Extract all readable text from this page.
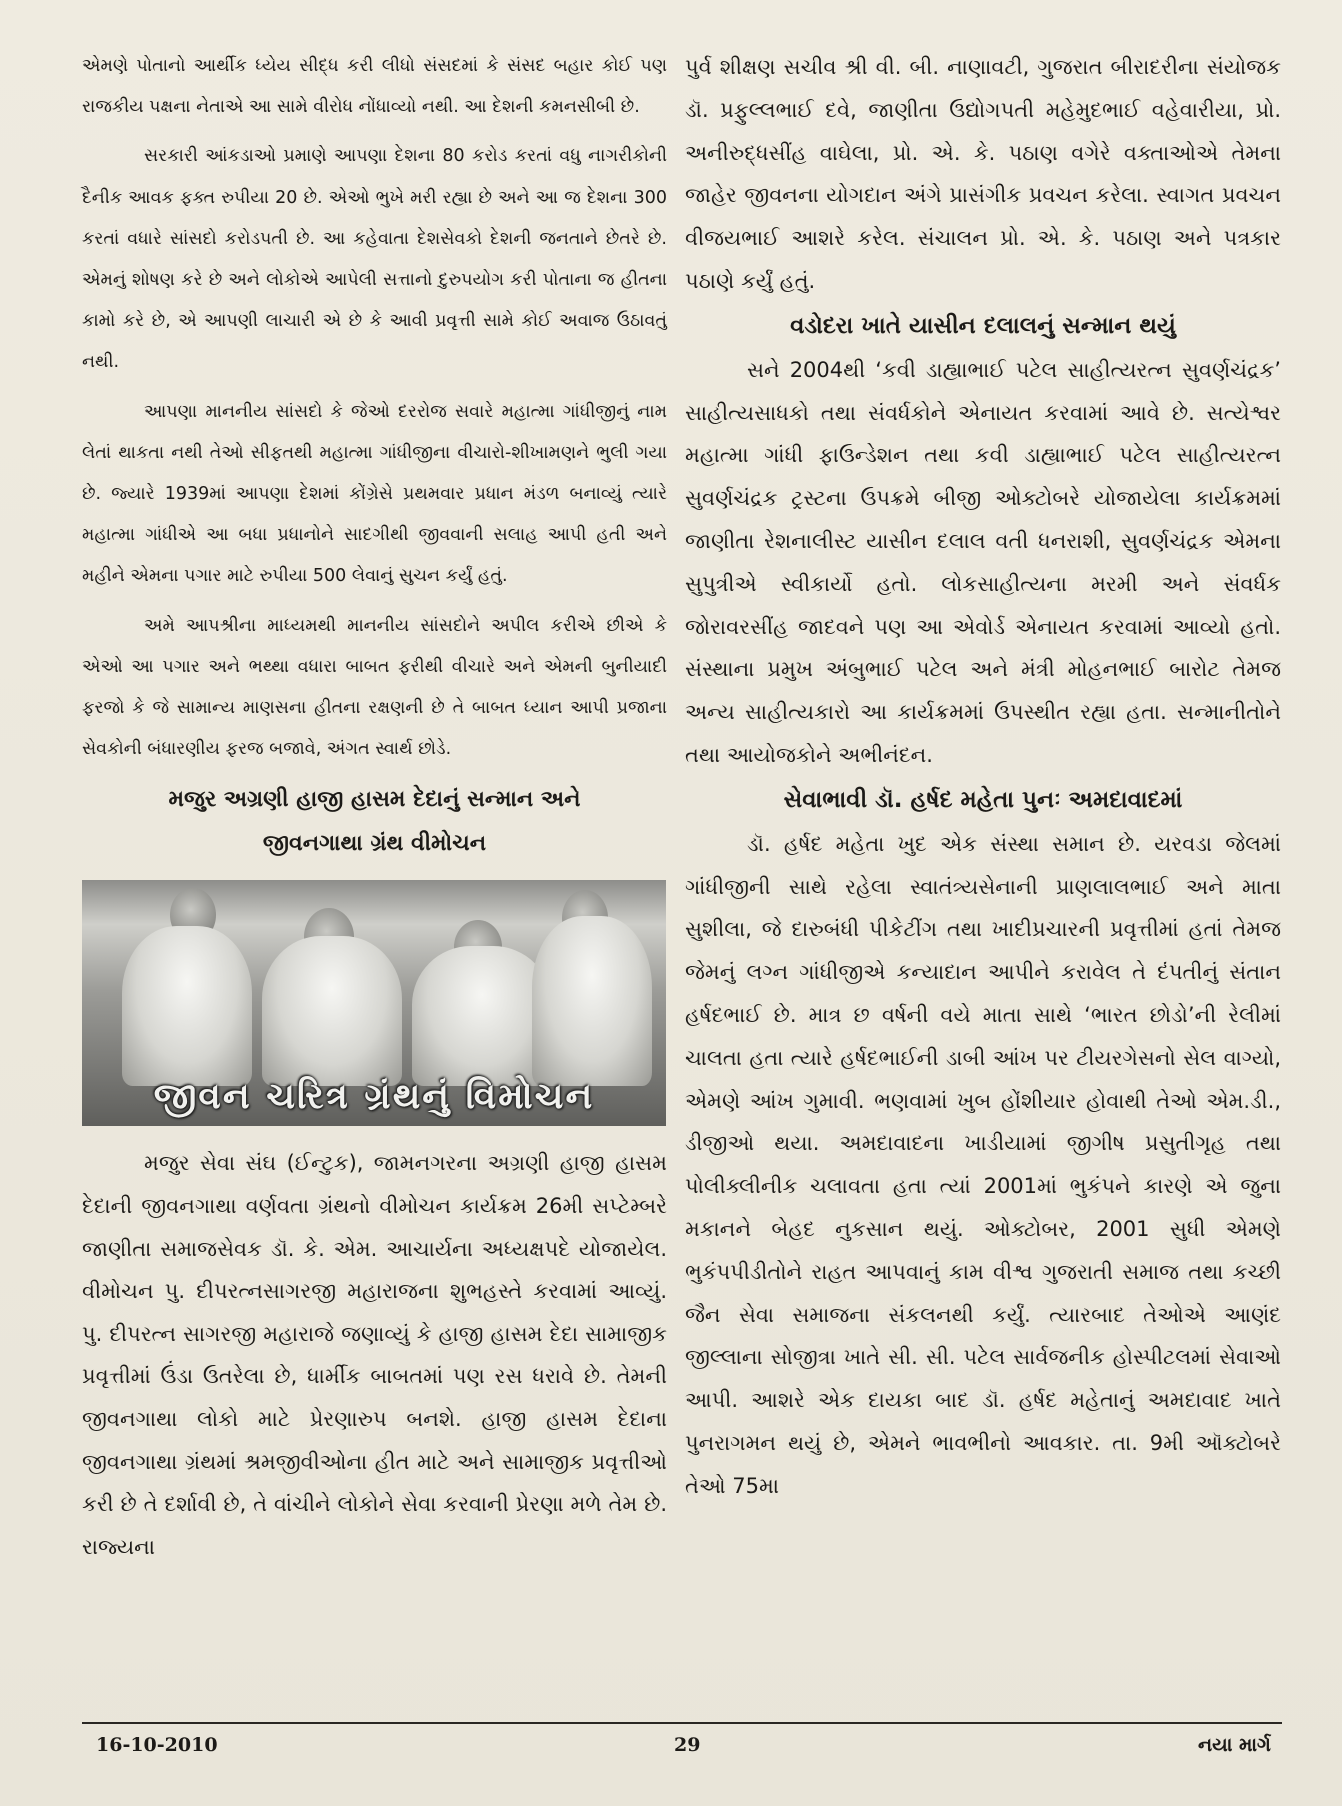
એમણે પોતાનો આર્થીક ધ્યેય સીદ્ધ કરી લીધો સંસદમાં કે સંસદ બહાર કોઈ પણ રાજકીય પક્ષના નેતાએ આ સામે વીરોધ નોંધાવ્યો નથી. આ દેશની કમનસીબી છે.

સરકારી આંકડાઓ પ્રમાણે આપણા દેશના 80 કરોડ કરતાં વધુ નાગરીકોની દૈનીક આવક ફક્ત રુપીયા 20 છે. એઓ ભુખે મરી રહ્યા છે અને આ જ દેશના 300 કરતાં વધારે સાંસદો કરોડપતી છે. આ કહેવાતા દેશસેવકો દેશની જનતાને છેતરે છે. એમનું શોષણ કરે છે અને લોકોએ આપેલી સત્તાનો દુરુપયોગ કરી પોતાના જ હીતના કામો કરે છે, એ આપણી લાચારી એ છે કે આવી પ્રવૃત્તી સામે કોઈ અવાજ ઉઠાવતું નથી.

આપણા માનનીય સાંસદો કે જેઓ દરરોજ સવારે મહાત્મા ગાંધીજીનું નામ લેતાં થાકતા નથી તેઓ સીફતથી મહાત્મા ગાંધીજીના વીચારો-શીખામણને ભુલી ગયા છે. જ્યારે 1939માં આપણા દેશમાં કોંગ્રેસે પ્રથમવાર પ્રધાન મંડળ બનાવ્યું ત્યારે મહાત્મા ગાંધીએ આ બધા પ્રધાનોને સાદગીથી જીવવાની સલાહ આપી હતી અને મહીને એમના પગાર માટે રુપીયા 500 લેવાનું સુચન કર્યું હતું.

અમે આપશ્રીના માધ્યમથી માનનીય સાંસદોને અપીલ કરીએ છીએ કે એઓ આ પગાર અને ભથ્થા વધારા બાબત ફરીથી વીચારે અને એમની બુનીયાદી ફરજો કે જે સામાન્ય માણસના હીતના રક્ષણની છે તે બાબત ધ્યાન આપી પ્રજાના સેવકોની બંધારણીય ફરજ બજાવે, અંગત સ્વાર્થ છોડે.

મજુર અગ્રણી હાજી હાસમ દેદાનું સન્માન અને

જીવનગાથા ગ્રંથ વીમોચન

જીવન ચરિત્ર ગ્રંથનું વિમોચન

મજુર સેવા સંઘ (ઈન્ટુક), જામનગરના અગ્રણી હાજી હાસમ દેદાની જીવનગાથા વર્ણવતા ગ્રંથનો વીમોચન કાર્યક્રમ 26મી સપ્ટેમ્બરે જાણીતા સમાજસેવક ડૉ. કે. એમ. આચાર્યના અધ્યક્ષપદે યોજાયેલ. વીમોચન પુ. દીપરત્નસાગરજી મહારાજના શુભહસ્તે કરવામાં આવ્યું. પુ. દીપરત્ન સાગરજી મહારાજે જણાવ્યું કે હાજી હાસમ દેદા સામાજીક પ્રવૃત્તીમાં ઉંડા ઉતરેલા છે, ધાર્મીક બાબતમાં પણ રસ ધરાવે છે. તેમની જીવનગાથા લોકો માટે પ્રેરણારુપ બનશે. હાજી હાસમ દેદાના જીવનગાથા ગ્રંથમાં શ્રમજીવીઓના હીત માટે અને સામાજીક પ્રવૃત્તીઓ કરી છે તે દર્શાવી છે, તે વાંચીને લોકોને સેવા કરવાની પ્રેરણા મળે તેમ છે. રાજ્યના

પુર્વ શીક્ષણ સચીવ શ્રી વી. બી. નાણાવટી, ગુજરાત બીરાદરીના સંયોજક ડૉ. પ્રફુલ્લભાઈ દવે, જાણીતા ઉદ્યોગપતી મહેમુદભાઈ વહેવારીયા, પ્રો. અનીરુદ્ધસીંહ વાઘેલા, પ્રો. એ. કે. પઠાણ વગેરે વક્તાઓએ તેમના જાહેર જીવનના યોગદાન અંગે પ્રાસંગીક પ્રવચન કરેલા. સ્વાગત પ્રવચન વીજયભાઈ આશરે કરેલ. સંચાલન પ્રો. એ. કે. પઠાણ અને પત્રકાર પઠાણે કર્યું હતું.

વડોદરા ખાતે યાસીન દલાલનું સન્માન થયું

સને 2004થી ‘કવી ડાહ્યાભાઈ પટેલ સાહીત્યરત્ન સુવર્ણચંદ્રક’ સાહીત્યસાધકો તથા સંવર્ધકોને એનાયત કરવામાં આવે છે. સત્યેશ્વર મહાત્મા ગાંધી ફાઉન્ડેશન તથા કવી ડાહ્યાભાઈ પટેલ સાહીત્યરત્ન સુવર્ણચંદ્રક ટ્રસ્ટના ઉપક્રમે બીજી ઓક્ટોબરે યોજાયેલા કાર્યક્રમમાં જાણીતા રેશનાલીસ્ટ યાસીન દલાલ વતી ધનરાશી, સુવર્ણચંદ્રક એમના સુપુત્રીએ સ્વીકાર્યો હતો. લોકસાહીત્યના મરમી અને સંવર્ધક જોરાવરસીંહ જાદવને પણ આ એવોર્ડ એનાયત કરવામાં આવ્યો હતો. સંસ્થાના પ્રમુખ અંબુભાઈ પટેલ અને મંત્રી મોહનભાઈ બારોટ તેમજ અન્ય સાહીત્યકારો આ કાર્યક્રમમાં ઉપસ્થીત રહ્યા હતા. સન્માનીતોને તથા આયોજકોને અભીનંદન.

સેવાભાવી ડૉ. હર્ષદ મહેતા પુનઃ અમદાવાદમાં

ડૉ. હર્ષદ મહેતા ખુદ એક સંસ્થા સમાન છે. યરવડા જેલમાં ગાંધીજીની સાથે રહેલા સ્વાતંત્ર્યસેનાની પ્રાણલાલભાઈ અને માતા સુશીલા, જે દારુબંધી પીકેટીંગ તથા ખાદીપ્રચારની પ્રવૃત્તીમાં હતાં તેમજ જેમનું લગ્ન ગાંધીજીએ કન્યાદાન આપીને કરાવેલ તે દંપતીનું સંતાન હર્ષદભાઈ છે. માત્ર છ વર્ષની વયે માતા સાથે ‘ભારત છોડો’ની રેલીમાં ચાલતા હતા ત્યારે હર્ષદભાઈની ડાબી આંખ પર ટીયરગેસનો સેલ વાગ્યો, એમણે આંખ ગુમાવી. ભણવામાં ખુબ હોંશીયાર હોવાથી તેઓ એમ.ડી., ડીજીઓ થયા. અમદાવાદના ખાડીયામાં જીગીષ પ્રસુતીગૃહ તથા પોલીક્લીનીક ચલાવતા હતા ત્યાં 2001માં ભુકંપને કારણે એ જુના મકાનને બેહદ નુકસાન થયું. ઓક્ટોબર, 2001 સુધી એમણે ભુકંપપીડીતોને રાહત આપવાનું કામ વીશ્વ ગુજરાતી સમાજ તથા કચ્છી જૈન સેવા સમાજના સંકલનથી કર્યું. ત્યારબાદ તેઓએ આણંદ જીલ્લાના સોજીત્રા ખાતે સી. સી. પટેલ સાર્વજનીક હોસ્પીટલમાં સેવાઓ આપી. આશરે એક દાયકા બાદ ડૉ. હર્ષદ મહેતાનું અમદાવાદ ખાતે પુનરાગમન થયું છે, એમને ભાવભીનો આવકાર. તા. 9મી ઑક્ટોબરે તેઓ 75મા

16-10-2010	29	નયા માર્ગ
